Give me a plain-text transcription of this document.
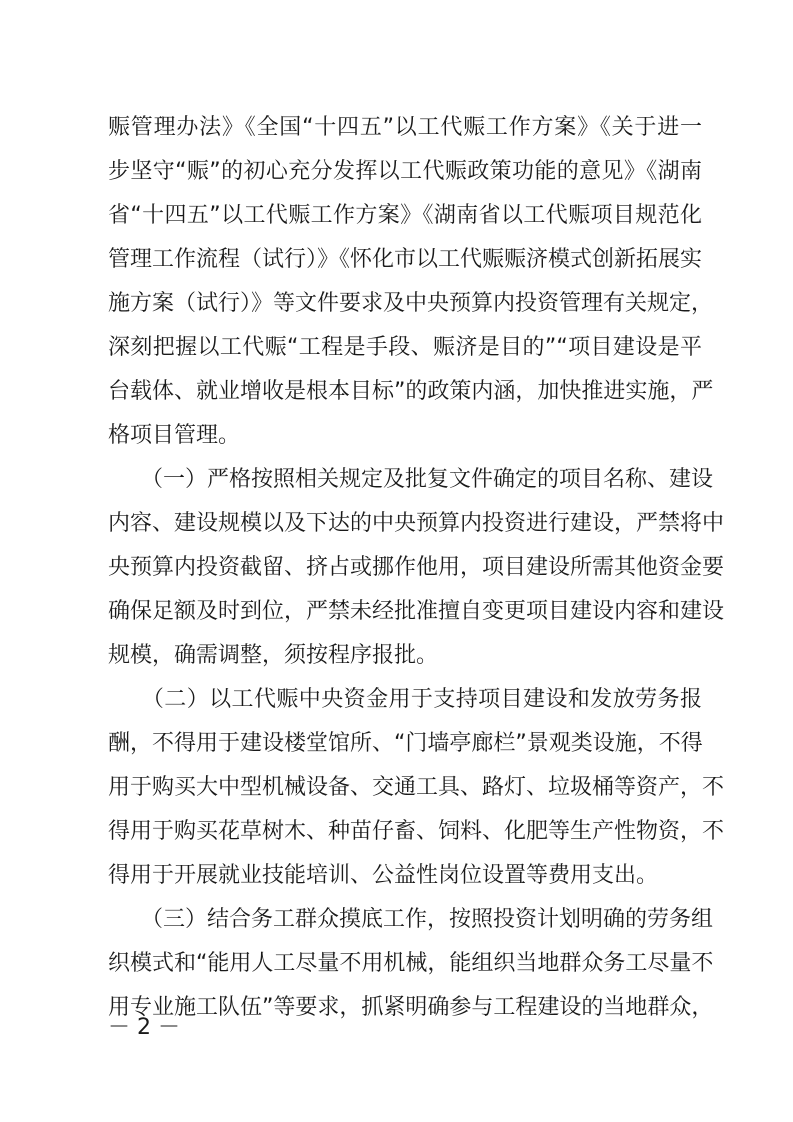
赈管理办法》《全国“十四五”以工代赈工作方案》《关于进一
步坚守“赈”的初心充分发挥以工代赈政策功能的意见》《湖南
省“十四五”以工代赈工作方案》《湖南省以工代赈项目规范化
管理工作流程（试行）》《怀化市以工代赈赈济模式创新拓展实
施方案（试行）》等文件要求及中央预算内投资管理有关规定，
深刻把握以工代赈“工程是手段、赈济是目的”“项目建设是平
台载体、就业增收是根本目标”的政策内涵，加快推进实施，严
格项目管理。
　　（一）严格按照相关规定及批复文件确定的项目名称、建设
内容、建设规模以及下达的中央预算内投资进行建设，严禁将中
央预算内投资截留、挤占或挪作他用，项目建设所需其他资金要
确保足额及时到位，严禁未经批准擅自变更项目建设内容和建设
规模，确需调整，须按程序报批。
　　（二）以工代赈中央资金用于支持项目建设和发放劳务报
酬，不得用于建设楼堂馆所、“门墙亭廊栏”景观类设施，不得
用于购买大中型机械设备、交通工具、路灯、垃圾桶等资产，不
得用于购买花草树木、种苗仔畜、饲料、化肥等生产性物资，不
得用于开展就业技能培训、公益性岗位设置等费用支出。
　　（三）结合务工群众摸底工作，按照投资计划明确的劳务组
织模式和“能用人工尽量不用机械，能组织当地群众务工尽量不
用专业施工队伍”等要求，抓紧明确参与工程建设的当地群众，
－ 2 －
